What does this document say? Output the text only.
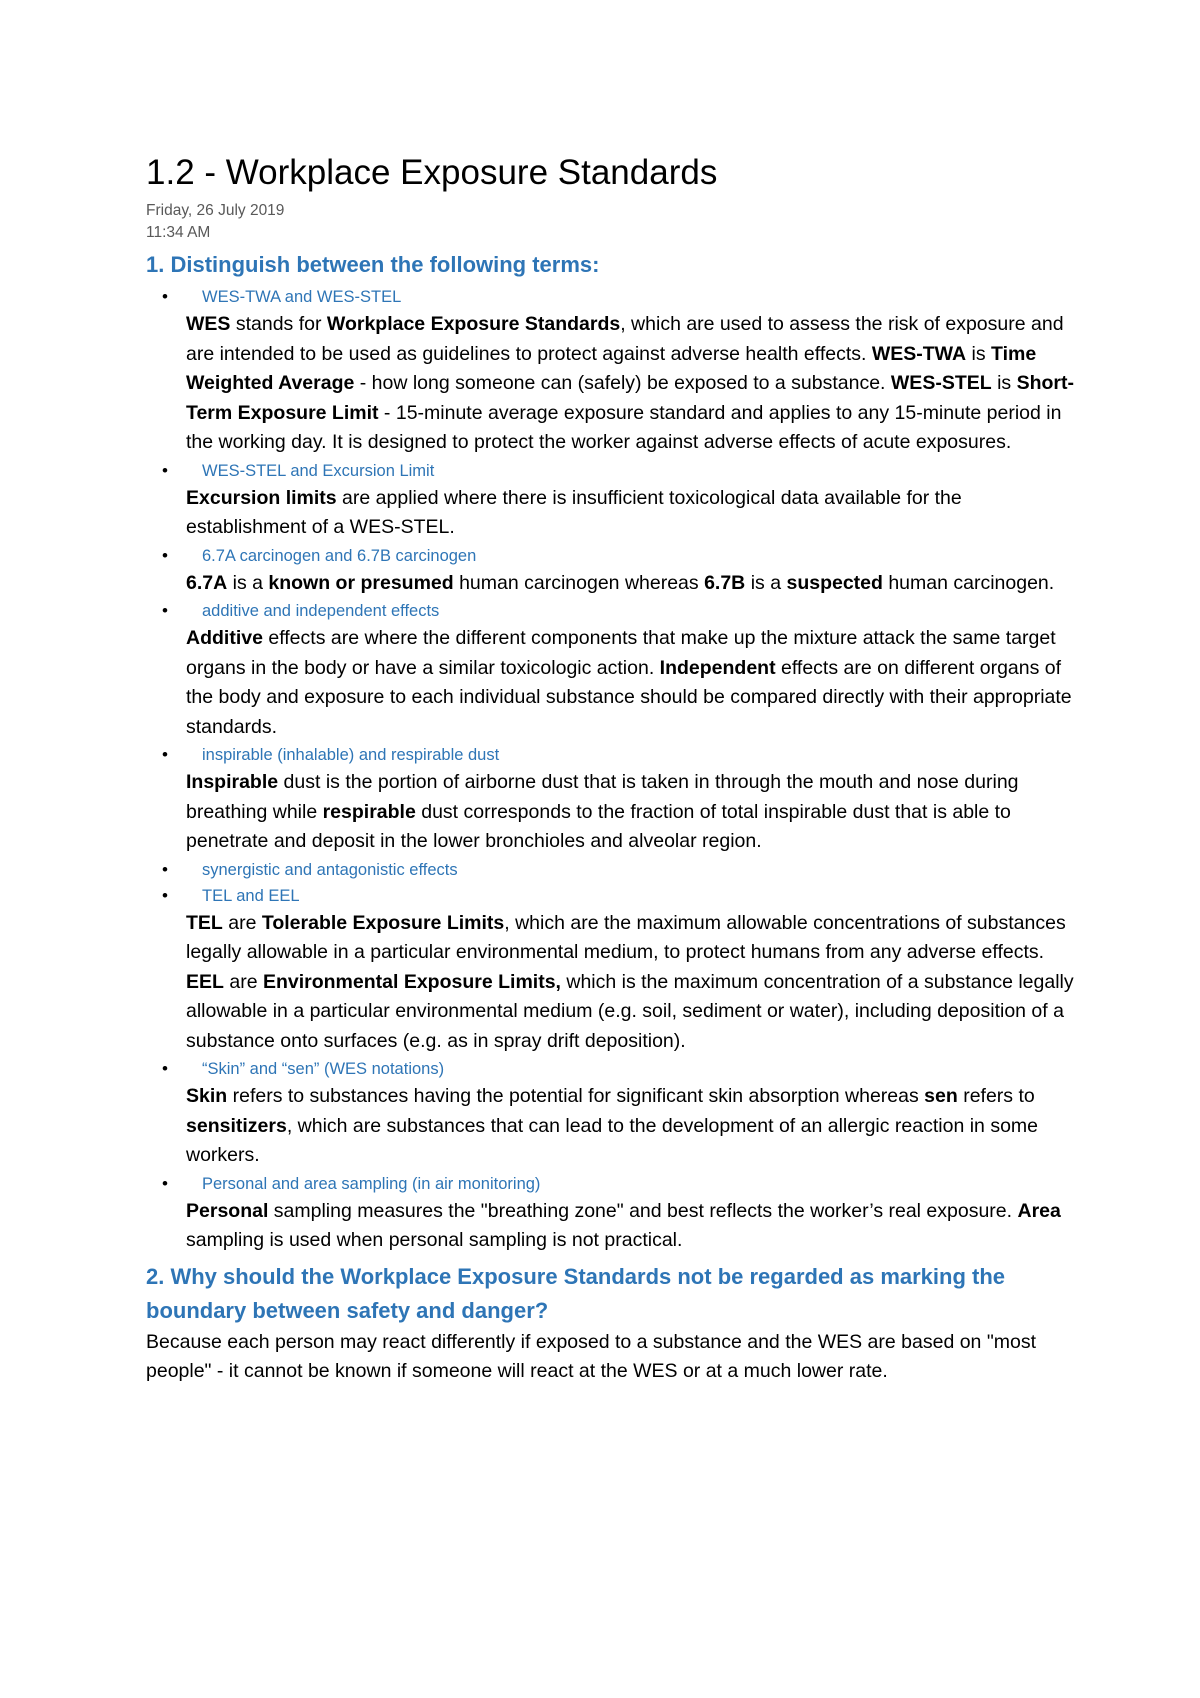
1.2 - Workplace Exposure Standards
Friday, 26 July 2019
11:34 AM
1. Distinguish between the following terms:
• WES-TWA and WES-STEL

WES stands for Workplace Exposure Standards, which are used to assess the risk of exposure and are intended to be used as guidelines to protect against adverse health effects. WES-TWA is Time Weighted Average - how long someone can (safely) be exposed to a substance. WES-STEL is Short-Term Exposure Limit - 15-minute average exposure standard and applies to any 15-minute period in the working day. It is designed to protect the worker against adverse effects of acute exposures.

• WES-STEL and Excursion Limit

Excursion limits are applied where there is insufficient toxicological data available for the establishment of a WES-STEL.

• 6.7A carcinogen and 6.7B carcinogen

6.7A is a known or presumed human carcinogen whereas 6.7B is a suspected human carcinogen.

• additive and independent effects

Additive effects are where the different components that make up the mixture attack the same target organs in the body or have a similar toxicologic action. Independent effects are on different organs of the body and exposure to each individual substance should be compared directly with their appropriate standards.

• inspirable (inhalable) and respirable dust

Inspirable dust is the portion of airborne dust that is taken in through the mouth and nose during breathing while respirable dust corresponds to the fraction of total inspirable dust that is able to penetrate and deposit in the lower bronchioles and alveolar region.

• synergistic and antagonistic effects
• TEL and EEL

TEL are Tolerable Exposure Limits, which are the maximum allowable concentrations of substances legally allowable in a particular environmental medium, to protect humans from any adverse effects. EEL are Environmental Exposure Limits, which is the maximum concentration of a substance legally allowable in a particular environmental medium (e.g. soil, sediment or water), including deposition of a substance onto surfaces (e.g. as in spray drift deposition).

• “Skin” and “sen” (WES notations)

Skin refers to substances having the potential for significant skin absorption whereas sen refers to sensitizers, which are substances that can lead to the development of an allergic reaction in some workers.

• Personal and area sampling (in air monitoring)

Personal sampling measures the "breathing zone" and best reflects the worker’s real exposure. Area sampling is used when personal sampling is not practical.

2. Why should the Workplace Exposure Standards not be regarded as marking the boundary between safety and danger?

Because each person may react differently if exposed to a substance and the WES are based on "most people" - it cannot be known if someone will react at the WES or at a much lower rate.
